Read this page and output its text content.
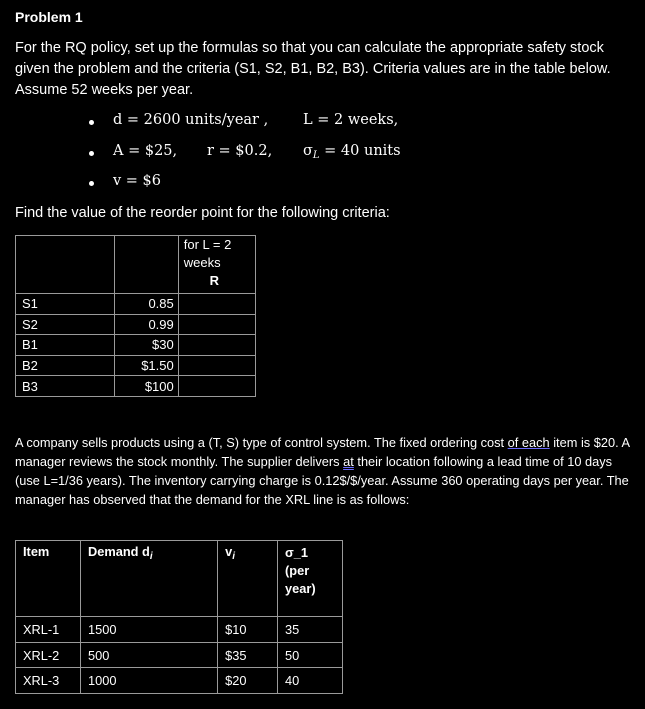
Problem 1
For the RQ policy, set up the formulas so that you can calculate the appropriate safety stock given the problem and the criteria (S1, S2, B1, B2, B3). Criteria values are in the table below. Assume 52 weeks per year.
d = 2600 units/year , L = 2 weeks,
A = $25, r = $0.2, $\sigma_L = 40$ units
v = $6
Find the value of the reorder point for the following criteria:
		for L = 2
weeks
R

S1	0.85	
S2	0.99	
B1	$30	
B2	$1.50	
B3	$100	
A company sells products using a (T, S) type of control system. The fixed ordering cost of each item is $20. A manager reviews the stock monthly. The supplier delivers at their location following a lead time of 10 days (use L=1/36 years). The inventory carrying charge is 0.12$/$/year. Assume 360 operating days per year. The manager has observed that the demand for the XRL line is as follows:
Item	Demand $d_i$	$v_i$	σ_1
(per
year)
XRL-1	1500	$10	35
XRL-2	500	$35	50
XRL-3	1000	$20	40
